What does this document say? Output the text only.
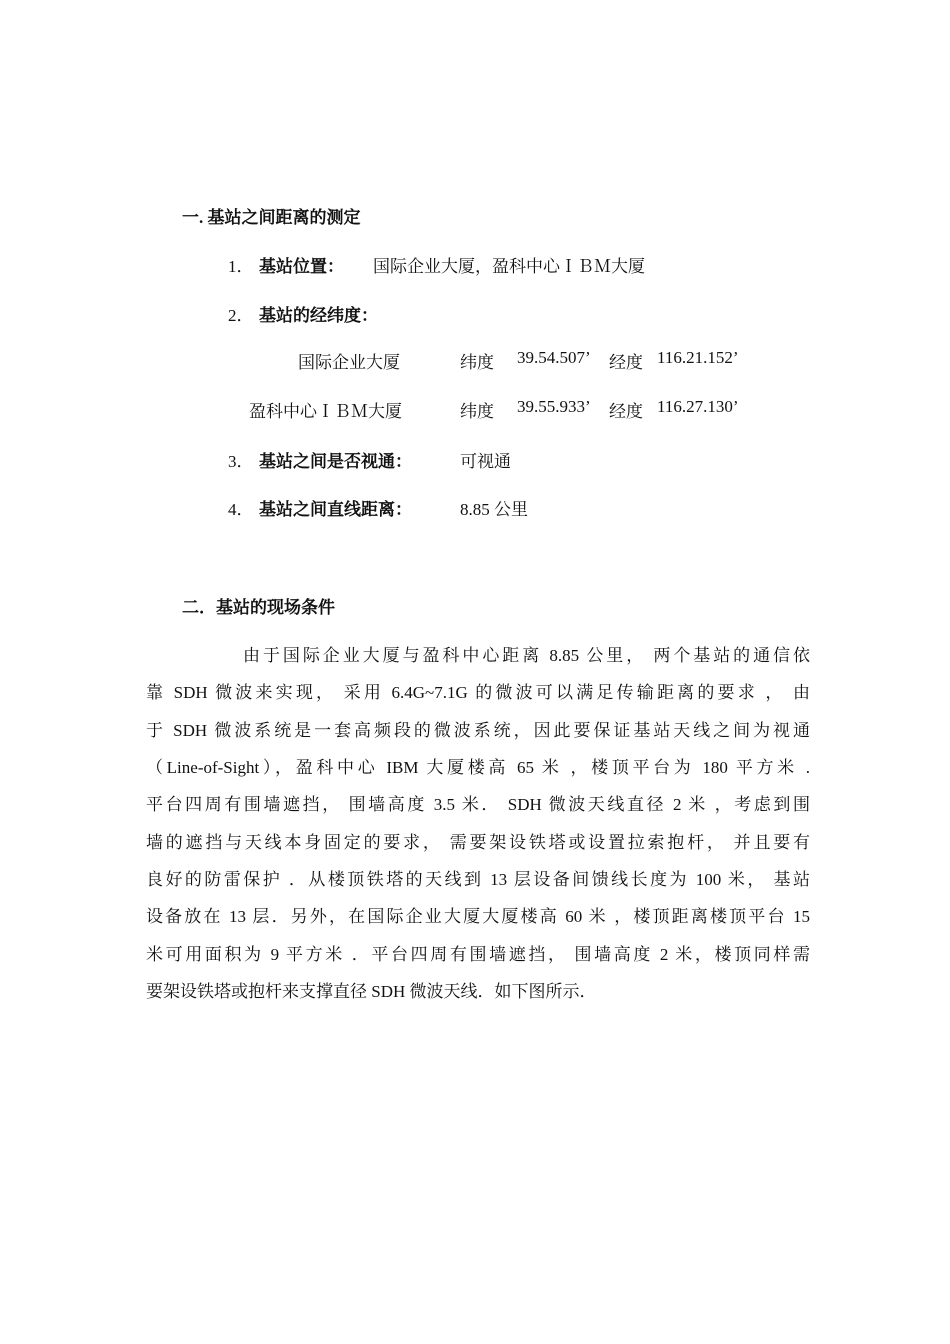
一. 基站之间距离的测定
1． 基站位置： 国际企业大厦，盈科中心ＩＢＭ大厦
2． 基站的经纬度：
国际企业大厦	纬度 39.54.507’ 经度 116.21.152’
盈科中心ＩＢＭ大厦	纬度 39.55.933’ 经度 116.27.130’
3． 基站之间是否视通：	可视通
4． 基站之间直线距离：	8.85 公里
二．基站的现场条件
由于国际企业大厦与盈科中心距离 8.85 公里， 两个基站的通信依
靠 SDH 微波来实现， 采用 6.4G~7.1G 的微波可以满足传输距离的要求 ， 由
于 SDH 微波系统是一套高频段的微波系统，因此要保证基站天线之间为视通
（Line-of-Sight），盈科中心 IBM 大厦楼高 65 米 ，楼顶平台为 180 平方米 .
平台四周有围墙遮挡， 围墙高度 3.5 米． SDH 微波天线直径 2 米 ，考虑到围
墙的遮挡与天线本身固定的要求， 需要架设铁塔或设置拉索抱杆， 并且要有
良好的防雷保护 ．从楼顶铁塔的天线到 13 层设备间馈线长度为 100 米， 基站
设备放在 13 层．另外，在国际企业大厦大厦楼高 60 米 ，楼顶距离楼顶平台 15
米可用面积为 9 平方米 ．平台四周有围墙遮挡， 围墙高度 2 米，楼顶同样需
要架设铁塔或抱杆来支撑直径 SDH 微波天线．如下图所示．
